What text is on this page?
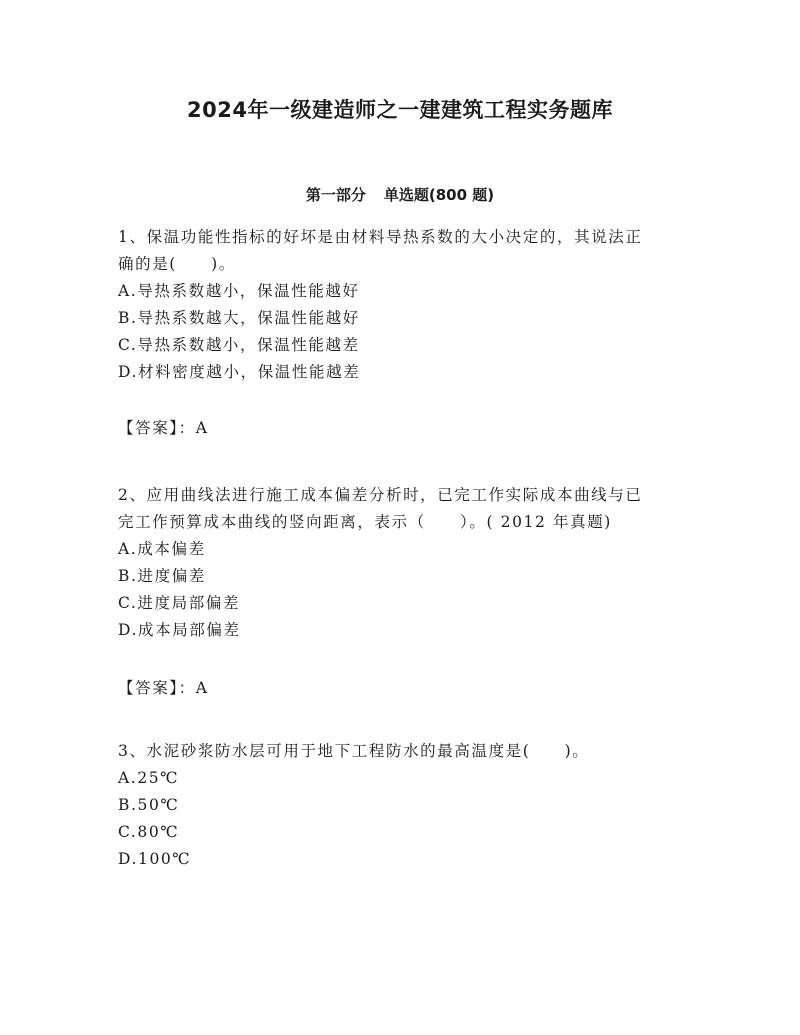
2024年一级建造师之一建建筑工程实务题库
第一部分 单选题(800 题)

1、保温功能性指标的好坏是由材料导热系数的大小决定的，其说法正

确的是(　　)。

A.导热系数越小，保温性能越好

B.导热系数越大，保温性能越好

C.导热系数越小，保温性能越差

D.材料密度越小，保温性能越差

【答案】：A

2、应用曲线法进行施工成本偏差分析时，已完工作实际成本曲线与已

完工作预算成本曲线的竖向距离，表示（　　）。( 2012 年真题)

A.成本偏差

B.进度偏差

C.进度局部偏差

D.成本局部偏差

【答案】：A

3、水泥砂浆防水层可用于地下工程防水的最高温度是(　　)。

A.25℃

B.50℃

C.80℃

D.100℃
